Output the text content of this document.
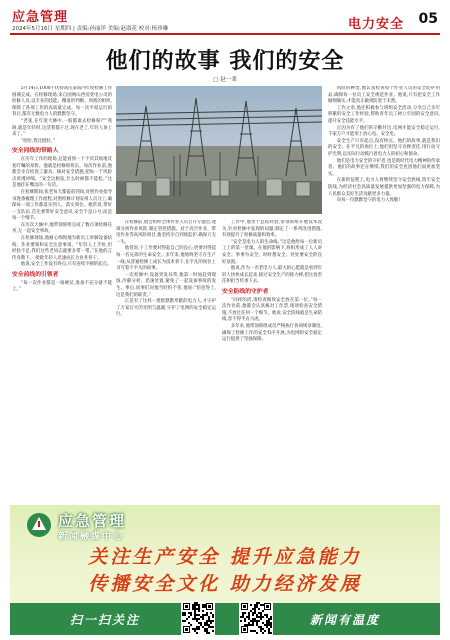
应急管理
2024年5月16日 星期四 | 责编:孙丽萍 美编:赵淑花 校对:杨珍琳	电力安全 05
他们的故事 我们的安全
□ 赵一秉

5月14日,1000千伏特高压某站内年度检修工作圆满完成。在检修现场,来自国网山西送变电公司的检修人员,以专业的技能、精准的判断、周密的组织,保障了各项工作的高质量完成。每一次平稳运行的背后,都有无数电力人的默默坚守。

“老张,在年度大修中,一般都谁去检修呀?”“我呀,就是年轻时,这活我都干过,现在老了,年轻人顶上来了。”

“哈哈,我还挺好。”

安全同线的带路人

在历年工作的现场,总能看到一个不厌其烦地反复叮嘱的身影。他就是检修班班长。每次作业前,他都会亲自检查工器具、核对安全措施,把每一个风险点讲透讲细。“安全这根弦,什么时候都不能松。”这是他挂在嘴边的一句话。

在检修期间,张老每天都提前到岗,对照作业指导书逐条梳理工作流程,对照检修计划安排人员分工,确保每一项工作都落实到人、落实到位。他常说,带好一支队伍,首先要带好安全意识,安全不是口号,而是每一个细节。

在历次大修中,他带领班组完成了数百项检修任务,无一起安全事故。

在检修现场,他耐心细致地为新员工讲解设备结构、作业要领和安全注意事项。“年轻人上手快,但经验不足,我们这些老同志就要多带一带。”在他的言传身教下,一批批年轻人迅速成长为业务骨干。

他说,安全工作没有终点,只有连续不断的起点。

安全前线的引领者

“每一次作业都是一场硬仗,准备不充分就不能上。”

在检修前,他会组织全体作业人员召开专题会,逐项分析作业风险,制定管控措施。对于高空作业、带电作业等高风险项目,他坚持亲自到场监护,确保万无一失。

他常说,干工作要对得起自己的良心,更要对得起每一名兄弟的生命安全。多年来,他始终坚守在生产一线,从普通检修工成长为技术骨干,在平凡的岗位上书写着不平凡的故事。

一次检修中,设备突发异常,他第一时间赶到现场,冷静分析、迅速处置,避免了一起设备事故的发生。事后,同事们问他当时怕不怕,他说:“怕也得上,这是我们的职责。”

正是有了这样一批批默默奉献的电力人,才守护了万家灯火的光明与温暖,守护了电网的安全稳定运行。

工作中,他善于总结经验,带领班组开展技术攻关,针对检修中发现的问题,制定了一系列改进措施,有效提升了检修质量和效率。

“安全是电力人的生命线。”这是他给每一位新员工上的第一堂课。在他的影响下,班组形成了人人讲安全、事事为安全、时时想安全、处处要安全的良好氛围。

他说,作为一名老电力人,最大的心愿就是看到年轻人快快成长起来,接过安全生产的接力棒,把这份责任和担当传承下去。

安全防线的守护者

“同样的活,请检查细致安全放在第一位。”每一次作业前,他都会认真核对工作票,逐项检查安全措施,不放过任何一个细节。他说,安全防线就是生命防线,容不得半点马虎。

多年来,他带领班组成员严格执行各项规章制度,确保了检修工作的安全有序开展,为电网的安全稳定运行提供了坚强保障。

风险的种类,他认真检查每个作业人员的安全防护用品,确保每一位员工安全规范作业。他说,只有把安全工作做细做实,才能真正做到防患于未然。

工作之余,他还积极参与班组安全活动,分享自己多年积累的安全工作经验,帮助青年员工树立牢固的安全意识,提升安全技能水平。

正因为有了他们的辛勤付出,电网才能安全稳定运行,千家万户才能用上放心电、安全电。

安全生产只有起点,没有终点。他们的故事,就是我们的安全。在平凡的岗位上,他们用坚守诠释责任,用行动守护光明,以实际行动践行着电力人的初心和使命。

他们是电力安全的守护者,也是新时代电力精神的传承者。他们的故事还在继续,我们的安全也因他们而更加坚实。

在新的征程上,电力人将继续坚守安全底线,筑牢安全防线,为经济社会高质量发展提供更加坚强的电力保障,为人民群众美好生活贡献更多力量。

向每一位默默坚守的电力人致敬!

应急管理
新闻融媒中心
关注生产安全 提升应急能力
传播安全文化 助力经济发展
扫一扫关注	新闻有温度
